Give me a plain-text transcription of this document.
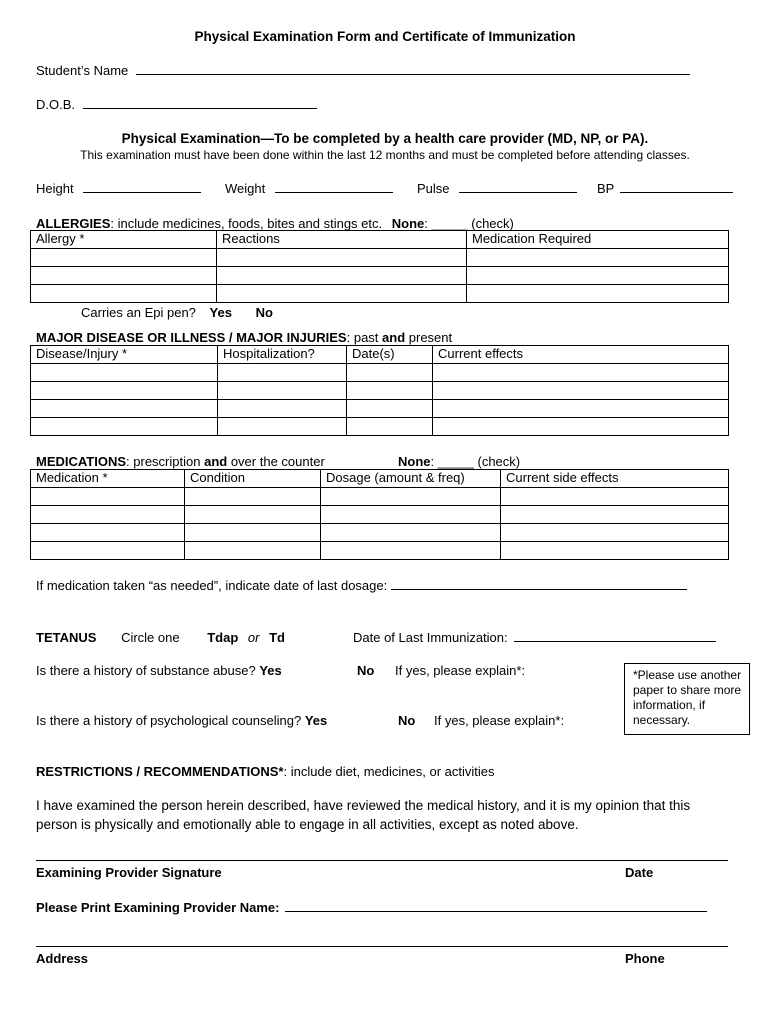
Physical Examination Form and Certificate of Immunization
Student’s Name
D.O.B.
Physical Examination—To be completed by a health care provider (MD, NP, or PA).
This examination must have been done within the last 12 months and must be completed before attending classes.
Height	Weight	Pulse	BP
ALLERGIES: include medicines, foods, bites and stings etc. None: _____ (check)
Allergy *	Reactions	Medication Required

Carries an Epi pen? Yes No
MAJOR DISEASE OR ILLNESS / MAJOR INJURIES: past and present
Disease/Injury *	Hospitalization?	Date(s)	Current effects

MEDICATIONS: prescription and over the counter	None: _____ (check)
Medication *	Condition	Dosage (amount & freq)	Current side effects

If medication taken “as needed”, indicate date of last dosage:
TETANUS Circle one Tdap or Td	Date of Last Immunization:
Is there a history of substance abuse? Yes	No If yes, please explain*:
Is there a history of psychological counseling? Yes	No If yes, please explain*:
*Please use another paper to share more information, if necessary.
RESTRICTIONS / RECOMMENDATIONS*: include diet, medicines, or activities
I have examined the person herein described, have reviewed the medical history, and it is my opinion that this person is physically and emotionally able to engage in all activities, except as noted above.
Examining Provider Signature	Date
Please Print Examining Provider Name:
Address	Phone
